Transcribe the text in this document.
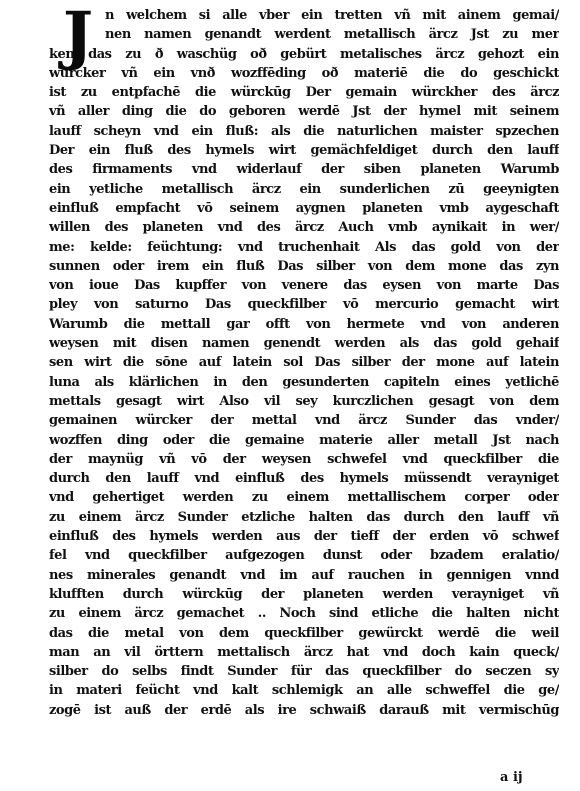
J n welchem si alle vber ein tretten vñ mit ainem gemai/
nen namen genandt werdent metallisch ärcz Jst zu mer
ken das zu ð waschüg oð gebürt metalisches ärcz gehozt ein
würcker vñ ein vnð wozffēding oð materiē die do geschickt
ist zu entpfachē die würckūg Der gemain würckher des ärcz
vñ aller ding die do geboren werdē Jst der hymel mit seinem
lauff scheyn vnd ein fluß: als die naturlichen maister spzechen
Der ein fluß des hymels wirt gemächfeldiget durch den lauff
des firmaments vnd widerlauf der siben planeten Warumb
ein yetliche metallisch ärcz ein sunderlichen zū geeynigten
einfluß empfacht vō seinem aygnen planeten vmb aygeschaft
willen des planeten vnd des ärcz Auch vmb aynikait in wer/
me: kelde: feüchtung: vnd truchenhait Als das gold von der
sunnen oder irem ein fluß Das silber von dem mone das zyn
von ioue Das kupffer von venere das eysen von marte Das
pley von saturno Das queckfilber vō mercurio gemacht wirt
Warumb die mettall gar offt von hermete vnd von anderen
weysen mit disen namen genendt werden als das gold gehaif
sen wirt die sōne auf latein sol Das silber der mone auf latein
luna als klärlichen in den gesunderten capiteln eines yetlichē
mettals gesagt wirt Also vil sey kurczlichen gesagt von dem
gemainen würcker der mettal vnd ärcz Sunder das vnder/
wozffen ding oder die gemaine materie aller metall Jst nach
der maynüg vñ vō der weysen schwefel vnd queckfilber die
durch den lauff vnd einfluß des hymels müssendt verayniget
vnd gehertiget werden zu einem mettallischem corper oder
zu einem ärcz Sunder etzliche halten das durch den lauff vñ
einfluß des hymels werden aus der tieff der erden vō schwef
fel vnd queckfilber aufgezogen dunst oder bzadem eralatio/
nes minerales genandt vnd im auf rauchen in gennigen vnnd
klufften durch würckūg der planeten werden verayniget vñ
zu einem ärcz gemachet .. Noch sind etliche die halten nicht
das die metal von dem queckfilber gewürckt werdē die weil
man an vil örttern mettalisch ärcz hat vnd doch kain queck/
silber do selbs findt Sunder für das queckfilber do seczen sy
in materi feücht vnd kalt schlemigk an alle schweffel die ge/
zogē ist auß der erdē als ire schwaiß darauß mit vermischūg
a ij
